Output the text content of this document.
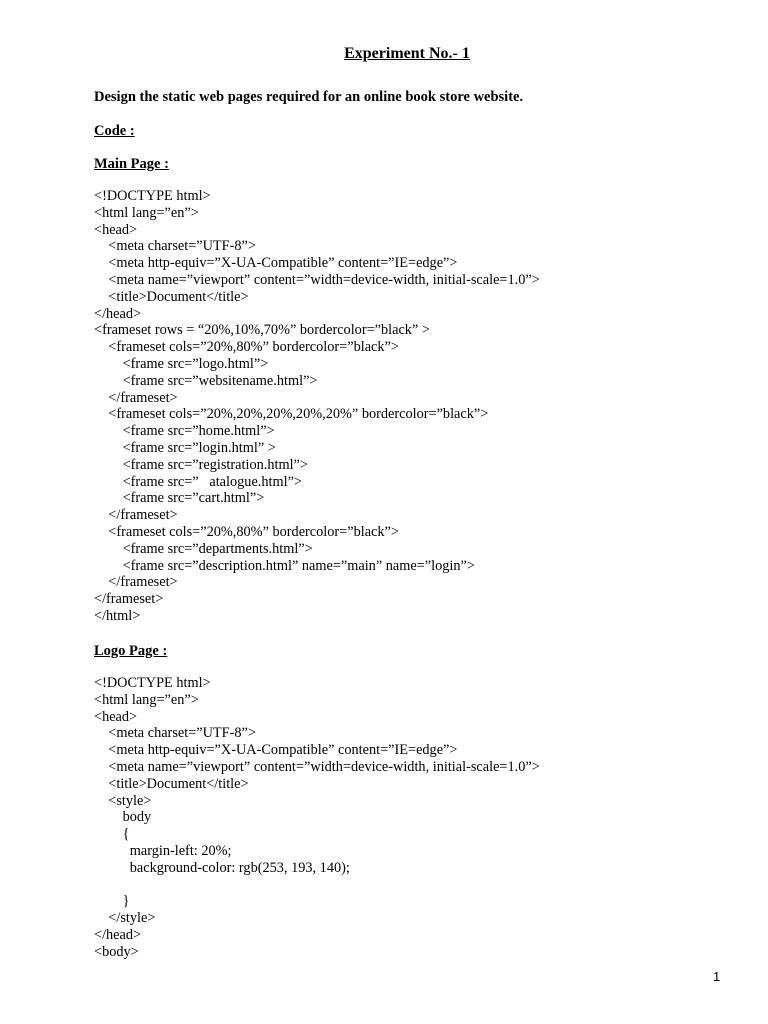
Experiment No.- 1

Design the static web pages required for an online book store website.

Code :

Main Page :

<!DOCTYPE html>
<html lang=”en”>
<head>
<meta charset=”UTF-8”>
<meta http-equiv=”X-UA-Compatible” content=”IE=edge”>
<meta name=”viewport” content=”width=device-width, initial-scale=1.0”>
<title>Document</title>
</head>
<frameset rows = “20%,10%,70%” bordercolor=”black” >
<frameset cols=”20%,80%” bordercolor=”black”>
<frame src=”logo.html”>
<frame src=”websitename.html”>
</frameset>
<frameset cols=”20%,20%,20%,20%,20%” bordercolor=”black”>
<frame src=”home.html”>
<frame src=”login.html” >
<frame src=”registration.html”>
<frame src=”   atalogue.html”>
<frame src=”cart.html”>
</frameset>
<frameset cols=”20%,80%” bordercolor=”black”>
<frame src=”departments.html”>
<frame src=”description.html” name=”main” name=”login”>
</frameset>
</frameset>
</html>

Logo Page :

<!DOCTYPE html>
<html lang=”en”>
<head>
<meta charset=”UTF-8”>
<meta http-equiv=”X-UA-Compatible” content=”IE=edge”>
<meta name=”viewport” content=”width=device-width, initial-scale=1.0”>
<title>Document</title>
<style>
body
{
margin-left: 20%;
background-color: rgb(253, 193, 140);
}
</style>
</head>
<body>
1
